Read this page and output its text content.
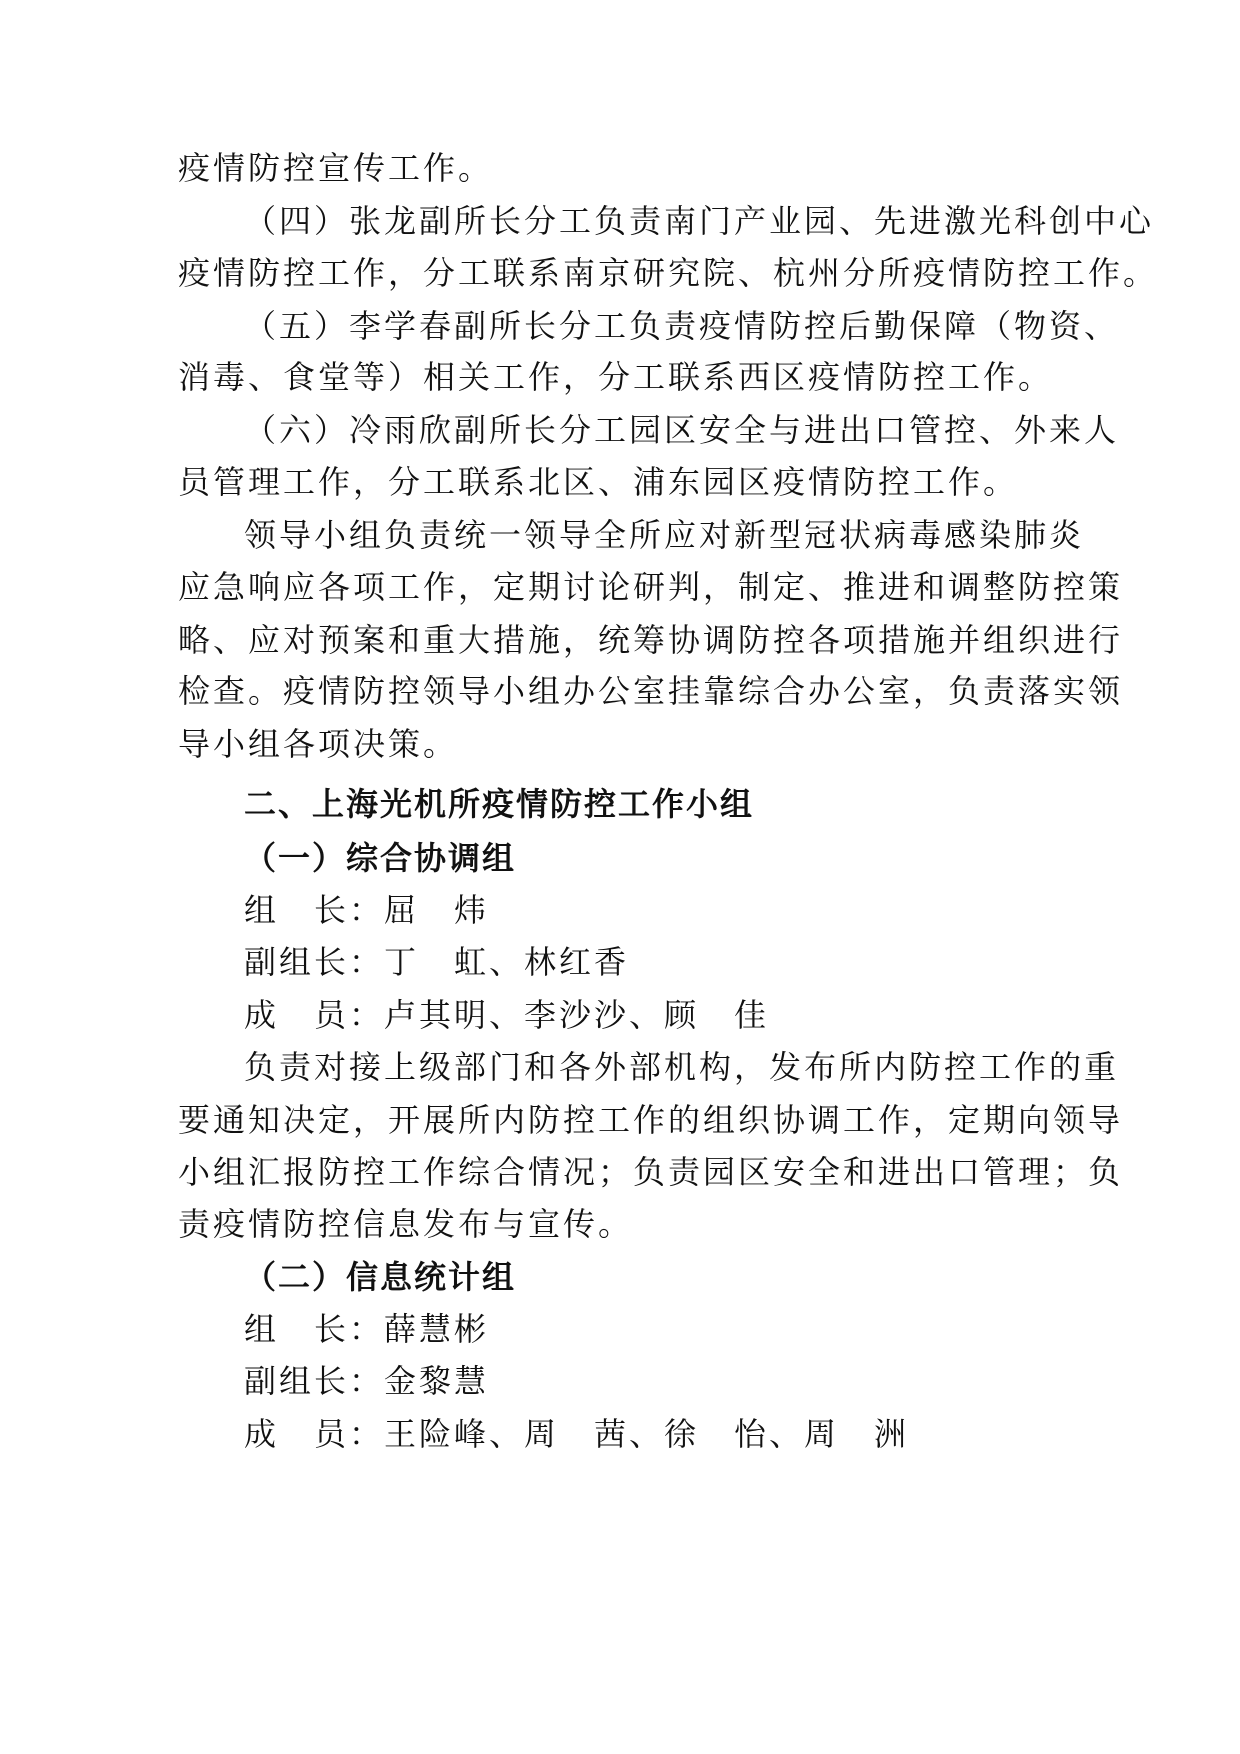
疫情防控宣传工作。
（四）张龙副所长分工负责南门产业园、先进激光科创中心
疫情防控工作，分工联系南京研究院、杭州分所疫情防控工作。
（五）李学春副所长分工负责疫情防控后勤保障（物资、
消毒、食堂等）相关工作，分工联系西区疫情防控工作。
（六）冷雨欣副所长分工园区安全与进出口管控、外来人
员管理工作，分工联系北区、浦东园区疫情防控工作。
领导小组负责统一领导全所应对新型冠状病毒感染肺炎
应急响应各项工作，定期讨论研判，制定、推进和调整防控策
略、应对预案和重大措施，统筹协调防控各项措施并组织进行
检查。疫情防控领导小组办公室挂靠综合办公室，负责落实领
导小组各项决策。
二、上海光机所疫情防控工作小组
（一）综合协调组
组　长：屈　炜
副组长：丁　虹、林红香
成　员：卢其明、李沙沙、顾　佳
负责对接上级部门和各外部机构，发布所内防控工作的重
要通知决定，开展所内防控工作的组织协调工作，定期向领导
小组汇报防控工作综合情况；负责园区安全和进出口管理；负
责疫情防控信息发布与宣传。
（二）信息统计组
组　长：薛慧彬
副组长：金黎慧
成　员：王险峰、周　茜、徐　怡、周　洲
